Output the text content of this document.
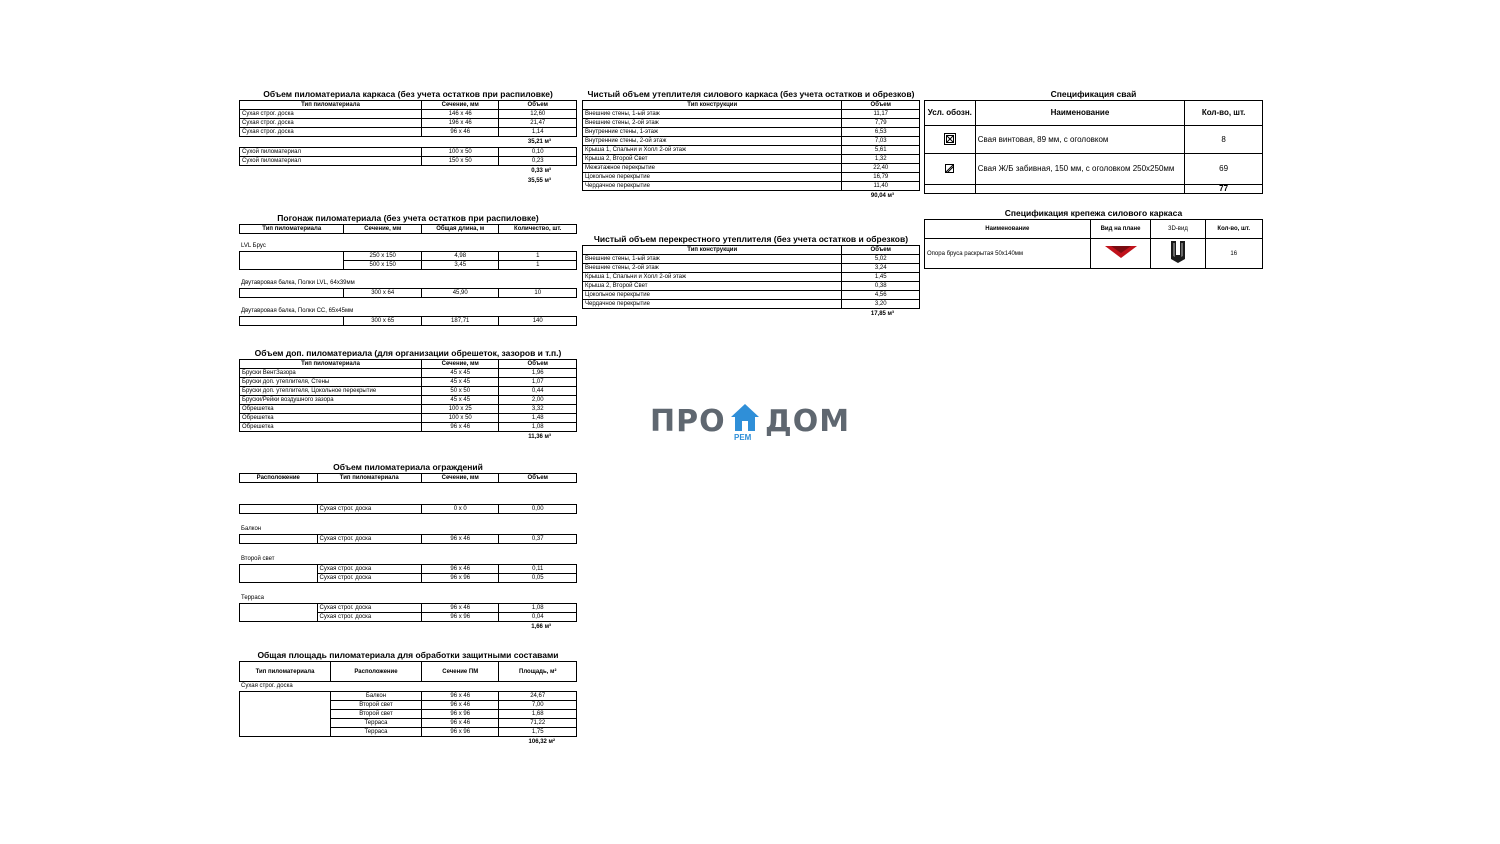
Объем пиломатериала каркаса (без учета остатков при распиловке)
Тип пиломатериала	Сечение, мм	Объем
Сухая строг. доска	146 x 46	12,60
Сухая строг. доска	196 x 46	21,47
Сухая строг. доска	96 x 46	1,14
35,21 м³
Сухой пиломатериал	100 x 50	0,10
Сухой пиломатериал	150 x 50	0,23
0,33 м³
35,55 м³
Погонаж пиломатериала (без учета остатков при распиловке)
Тип пиломатериала	Сечение, мм	Общая длина, м	Количество, шт.
LVL Брус
	250 x 150	4,98	1
	500 x 150	3,45	1
Двутавровая балка, Полки LVL, 64x39мм
	300 x 64	45,90	10
Двутавровая балка, Полки СС, 65x45мм
	300 x 65	187,71	140
Объем доп. пиломатериала (для организации обрешеток, зазоров и т.п.)
Тип пиломатериала	Сечение, мм	Объем
Бруски ВентЗазора	45 x 45	1,96
Бруски доп. утеплителя, Стены	45 x 45	1,07
Бруски доп. утеплителя, Цокольное перекрытие	50 x 50	0,44
Бруски/Рейки воздушного зазора	45 x 45	2,00
Обрешетка	100 x 25	3,32
Обрешетка	100 x 50	1,48
Обрешетка	96 x 46	1,08
11,36 м³
Объем пиломатериала ограждений
Расположение	Тип пиломатериала	Сечение, мм	Объем
	Сухая строг. доска	0 x 0	0,00
Балкон
	Сухая строг. доска	96 x 46	0,37
Второй свет
	Сухая строг. доска	96 x 46	0,11
	Сухая строг. доска	96 x 96	0,05
Терраса
	Сухая строг. доска	96 x 46	1,08
	Сухая строг. доска	96 x 96	0,04
1,66 м³
Общая площадь пиломатериала для обработки защитными составами
Тип пиломатериала	Расположение	Сечение ПМ	Площадь, м²
Сухая строг. доска
	Балкон	96 x 46	24,67
	Второй свет	96 x 46	7,00
	Второй свет	96 x 96	1,68
	Терраса	96 x 46	71,22
	Терраса	96 x 96	1,75
106,32 м²
Чистый объем утеплителя силового каркаса (без учета остатков и обрезков)
Тип конструкции	Объем
Внешние стены, 1-ый этаж	11,17
Внешние стены, 2-ой этаж	7,79
Внутренние стены, 1-этаж	6,53
Внутренние стены, 2-ой этаж	7,03
Крыша 1, Спальни и Холл 2-ой этаж	5,61
Крыша 2, Второй Свет	1,32
Межэтажное перекрытие	22,40
Цокольное перекрытие	16,79
Чердачное перекрытие	11,40
90,04 м³
Чистый объем перекрестного утеплителя (без учета остатков и обрезков)
Тип конструкции	Объем
Внешние стены, 1-ый этаж	5,02
Внешние стены, 2-ой этаж	3,24
Крыша 1, Спальни и Холл 2-ой этаж	1,45
Крыша 2, Второй Свет	0,38
Цокольное перекрытие	4,56
Чердачное перекрытие	3,20
17,85 м³
ПРО РЕМ ДОМ
Спецификация свай
Усл. обозн.	Наименование	Кол-во, шт.
	Свая винтовая, 89 мм, с оголовком	8
	Свая Ж/Б забивная, 150 мм, с оголовком 250x250мм	69
		77
Спецификация крепежа силового каркаса
Наименование	Вид на плане	3D-вид	Кол-во, шт.
Опора бруса раскрытая 50x140мм			16
